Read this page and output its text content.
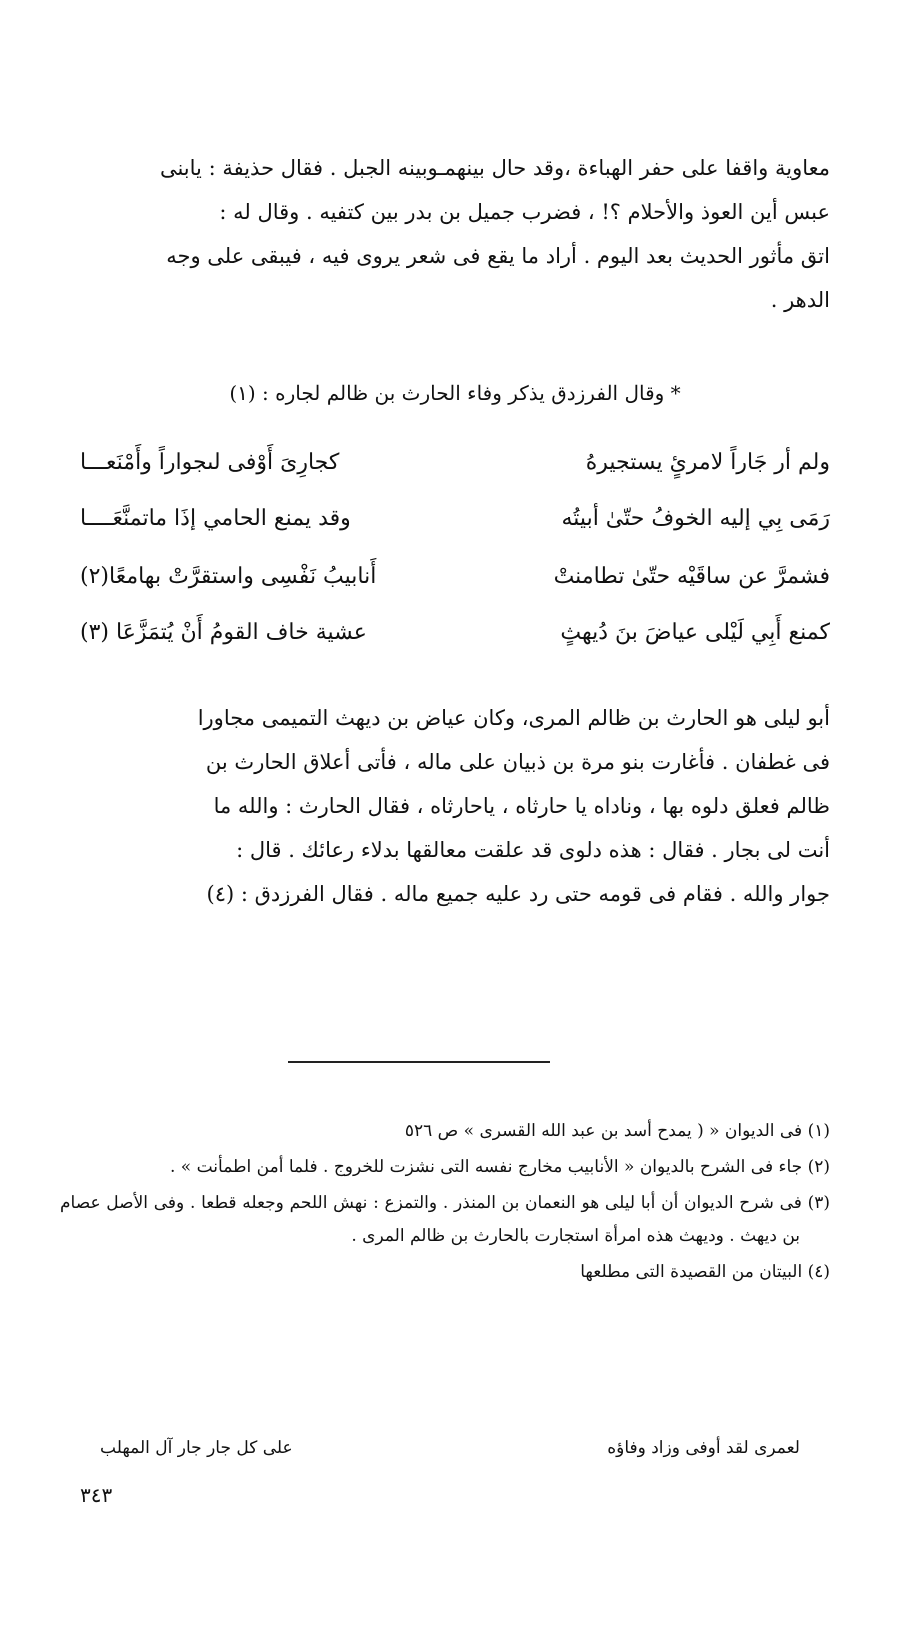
معاوية واقفا على حفر الهباءة ،وقد حال بينهمـوبينه الجبل . فقال حذيفة : يابنى

عبس أين العوذ والأحلام ؟! ، فضرب جميل بن بدر بين كتفيه . وقال له :

اتق مأثور الحديث بعد اليوم . أراد ما يقع فى شعر يروى فيه ، فيبقى على وجه

الدهر .

* وقال الفرزدق يذكر وفاء الحارث بن ظالم لجاره : (١)
ولم أر جَاراً لامرئٍ يستجيرهُ
كجارِىَ أَوْفى لىجواراً وأَمْنَعـــا
رَمَى بِي إليه الخوفُ حتّىٰ أبيتُه
وقد يمنع الحامي إذَا ماتمنَّعَــــا
فشمرَّ عن ساقَيْه حتّىٰ تطامنتْ
أَنابيبُ نَفْسِى واستقرَّتْ بهامعًا(٢)
كمنع أَبِي لَيْلى عياضَ بنَ دُيهثٍ
عشية خاف القومُ أَنْ يُتمَزَّعَا (٣)

أبو ليلى هو الحارث بن ظالم المرى، وكان عياض بن ديهث التميمى مجاورا

فى غطفان . فأغارت بنو مرة بن ذبيان على ماله ، فأتى أعلاق الحارث بن

ظالم فعلق دلوه بها ، وناداه يا حارثاه ، ياحارثاه ، فقال الحارث : والله ما

أنت لى بجار . فقال : هذه دلوى قد علقت معالقها بدلاء رعائك . قال :

جوار والله . فقام فى قومه حتى رد عليه جميع ماله . فقال الفرزدق : (٤)

(١) فى الديوان « ( يمدح أسد بن عبد الله القسرى » ص ٥٢٦

(٢) جاء فى الشرح بالديوان « الأنابيب مخارج نفسه التى نشزت للخروج . فلما أمن اطمأنت » .

(٣) فى شرح الديوان أن أبا ليلى هو النعمان بن المنذر . والتمزع : نهش اللحم وجعله قطعا . وفى الأصل عصام بن ديهث . وديهث هذه امرأة استجارت بالحارث بن ظالم المرى .

(٤) البيتان من القصيدة التى مطلعها

لعمرى لقد أوفى وزاد وفاؤه
على كل جار جار آل المهلب
٣٤٣
